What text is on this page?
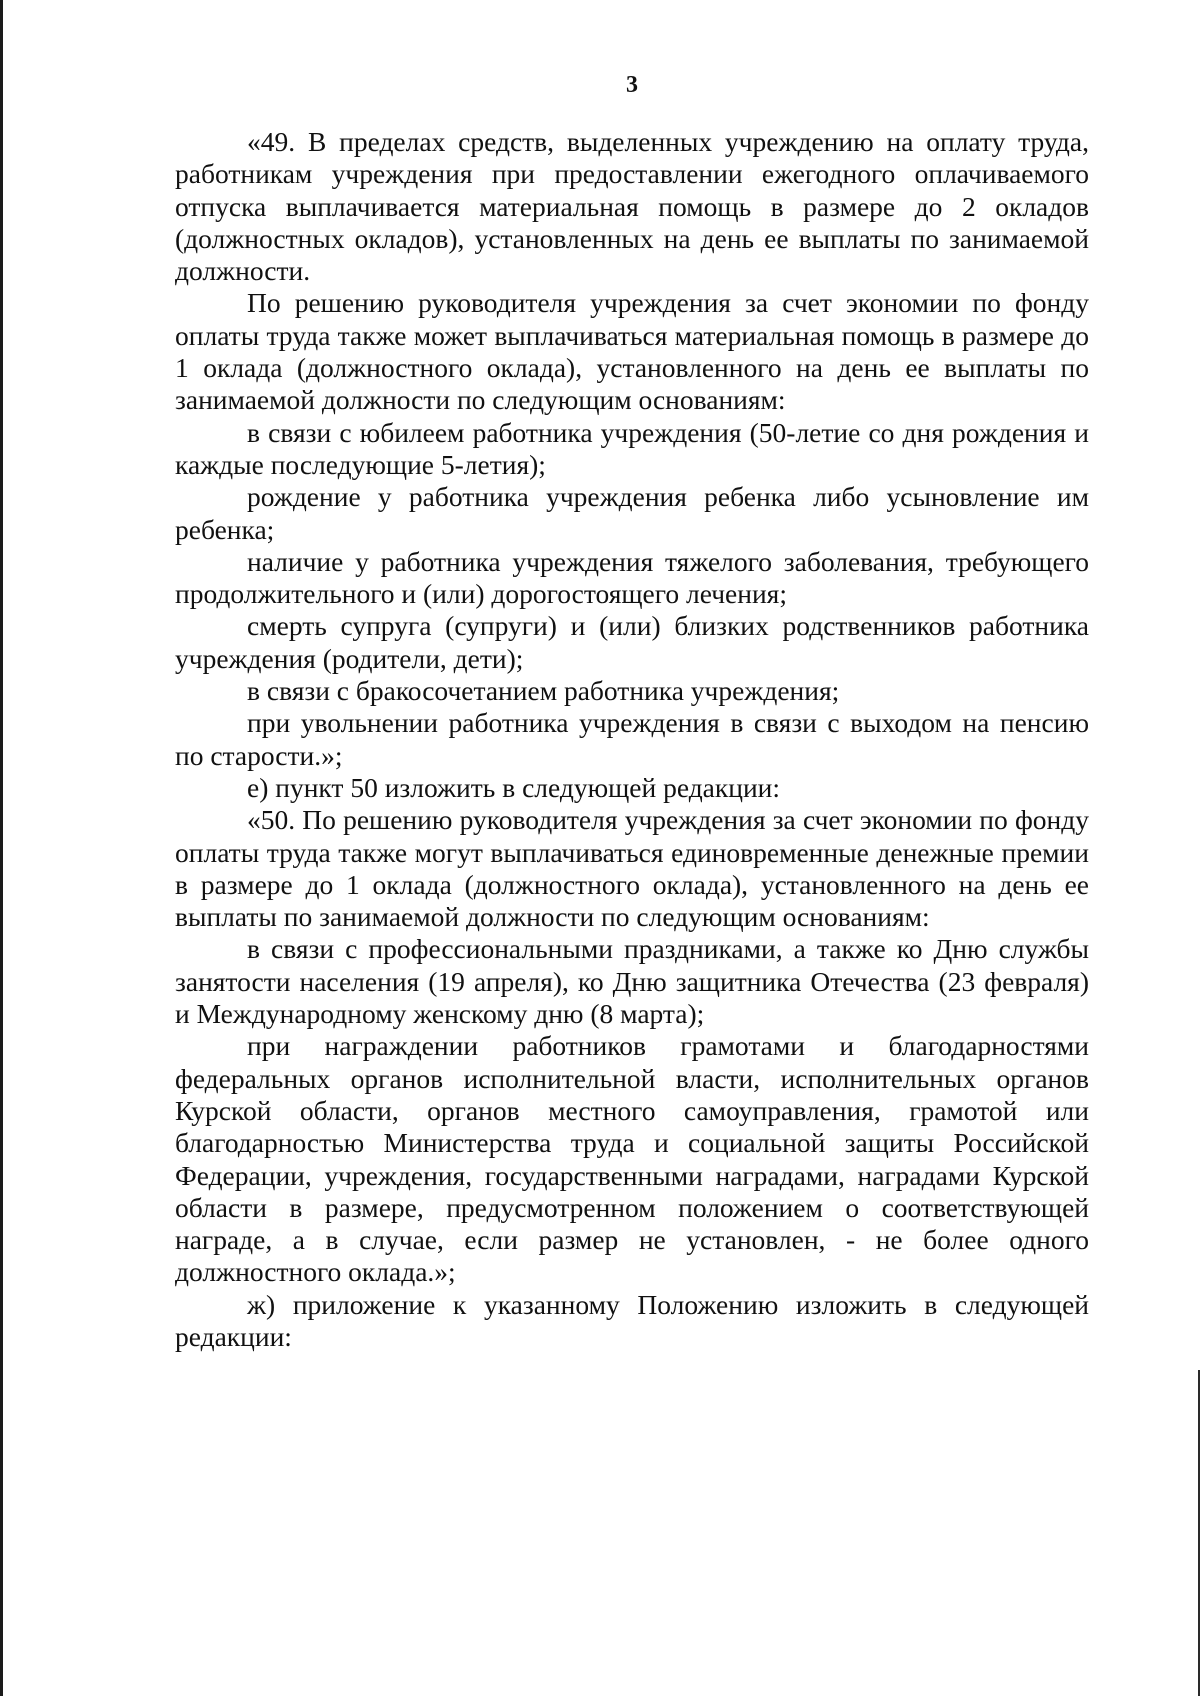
3

«49. В пределах средств, выделенных учреждению на оплату труда, работникам учреждения при предоставлении ежегодного оплачиваемого отпуска выплачивается материальная помощь в размере до 2 окладов (должностных окладов), установленных на день ее выплаты по занимаемой должности.

По решению руководителя учреждения за счет экономии по фонду оплаты труда также может выплачиваться материальная помощь в размере до 1 оклада (должностного оклада), установленного на день ее выплаты по занимаемой должности по следующим основаниям:

в связи с юбилеем работника учреждения (50-летие со дня рождения и каждые последующие 5-летия);

рождение у работника учреждения ребенка либо усыновление им ребенка;

наличие у работника учреждения тяжелого заболевания, требующего продолжительного и (или) дорогостоящего лечения;

смерть супруга (супруги) и (или) близких родственников работника учреждения (родители, дети);

в связи с бракосочетанием работника учреждения;

при увольнении работника учреждения в связи с выходом на пенсию по старости.»;

е) пункт 50 изложить в следующей редакции:

«50. По решению руководителя учреждения за счет экономии по фонду оплаты труда также могут выплачиваться единовременные денежные премии в размере до 1 оклада (должностного оклада), установленного на день ее выплаты по занимаемой должности по следующим основаниям:

в связи с профессиональными праздниками, а также ко Дню службы занятости населения (19 апреля), ко Дню защитника Отечества (23 февраля) и Международному женскому дню (8 марта);

при награждении работников грамотами и благодарностями федеральных органов исполнительной власти, исполнительных органов Курской области, органов местного самоуправления, грамотой или благодарностью Министерства труда и социальной защиты Российской Федерации, учреждения, государственными наградами, наградами Курской области в размере, предусмотренном положением о соответствующей награде, а в случае, если размер не установлен, - не более одного должностного оклада.»;

ж) приложение к указанному Положению изложить в следующей редакции:
